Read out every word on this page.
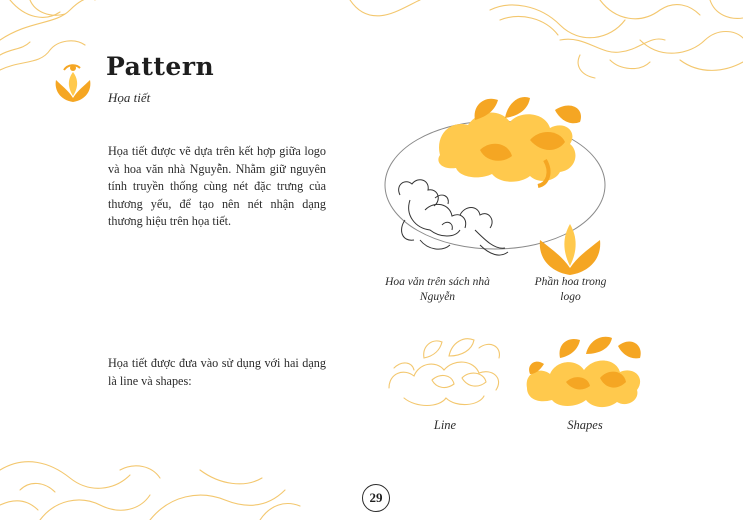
Pattern
Họa tiết

Họa tiết được vẽ dựa trên kết hợp giữa logo và hoa văn nhà Nguyễn. Nhằm giữ nguyên tính truyền thống cùng nét đặc trưng của thương yếu, để tạo nên nét nhận dạng thương hiệu trên họa tiết.

Họa tiết được đưa vào sử dụng với hai dạng là line và shapes:

Hoa văn trên sách nhà Nguyễn

Phần hoa trong logo

Line	Shapes

29
